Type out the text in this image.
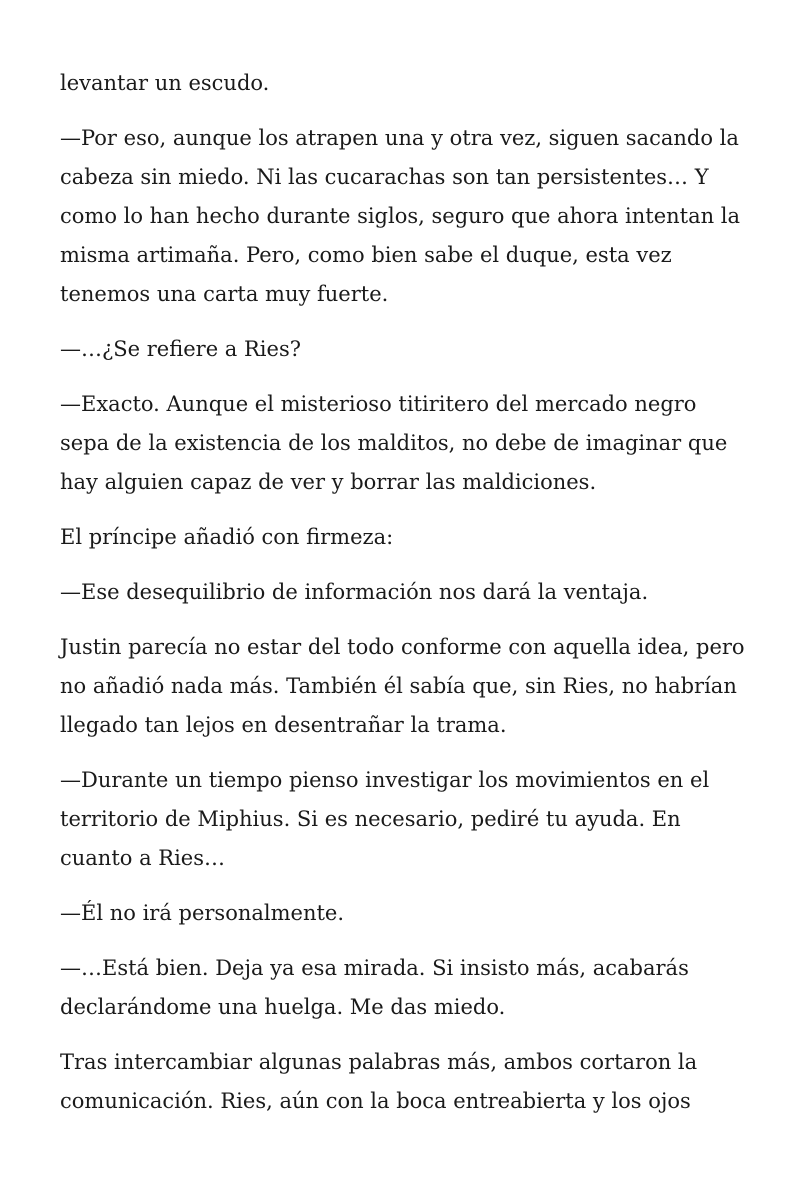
levantar un escudo.

—Por eso, aunque los atrapen una y otra vez, siguen sacando la cabeza sin miedo. Ni las cucarachas son tan persistentes… Y como lo han hecho durante siglos, seguro que ahora intentan la misma artimaña. Pero, como bien sabe el duque, esta vez tenemos una carta muy fuerte.

—…¿Se refiere a Ries?

—Exacto. Aunque el misterioso titiritero del mercado negro sepa de la existencia de los malditos, no debe de imaginar que hay alguien capaz de ver y borrar las maldiciones.

El príncipe añadió con firmeza:

—Ese desequilibrio de información nos dará la ventaja.

Justin parecía no estar del todo conforme con aquella idea, pero no añadió nada más. También él sabía que, sin Ries, no habrían llegado tan lejos en desentrañar la trama.

—Durante un tiempo pienso investigar los movimientos en el territorio de Miphius. Si es necesario, pediré tu ayuda. En cuanto a Ries…

—Él no irá personalmente.

—…Está bien. Deja ya esa mirada. Si insisto más, acabarás declarándome una huelga. Me das miedo.

Tras intercambiar algunas palabras más, ambos cortaron la comunicación. Ries, aún con la boca entreabierta y los ojos
